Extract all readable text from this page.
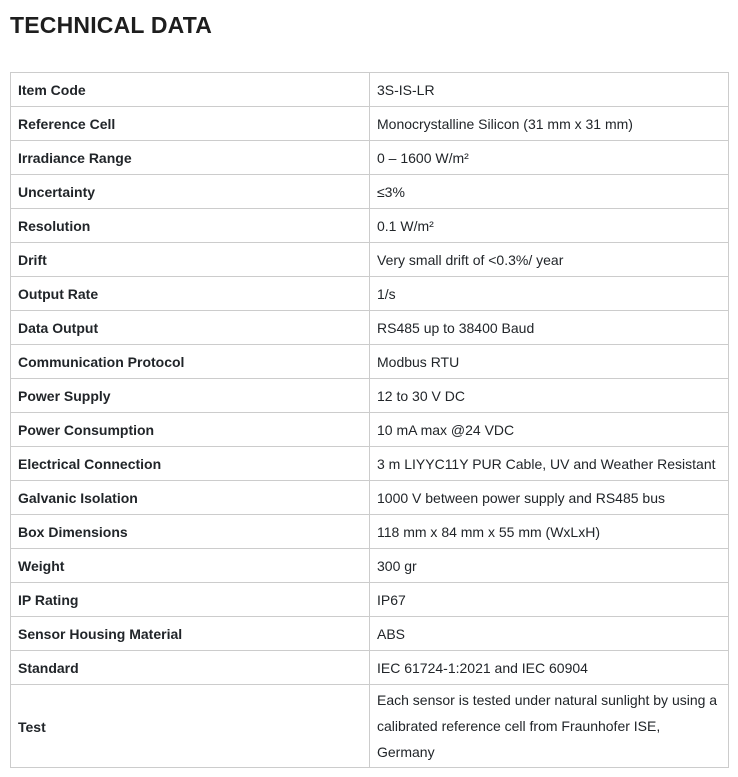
TECHNICAL DATA
Item Code	3S-IS-LR
Reference Cell	Monocrystalline Silicon (31 mm x 31 mm)
Irradiance Range	0 – 1600 W/m²
Uncertainty	≤3%
Resolution	0.1 W/m²
Drift	Very small drift of <0.3%/ year
Output Rate	1/s
Data Output	RS485 up to 38400 Baud
Communication Protocol	Modbus RTU
Power Supply	12 to 30 V DC
Power Consumption	10 mA max @24 VDC
Electrical Connection	3 m LIYYC11Y PUR Cable, UV and Weather Resistant
Galvanic Isolation	1000 V between power supply and RS485 bus
Box Dimensions	118 mm x 84 mm x 55 mm (WxLxH)
Weight	300 gr
IP Rating	IP67
Sensor Housing Material	ABS
Standard	IEC 61724-1:2021 and IEC 60904
Test	Each sensor is tested under natural sunlight by using a calibrated reference cell from Fraunhofer ISE, Germany
